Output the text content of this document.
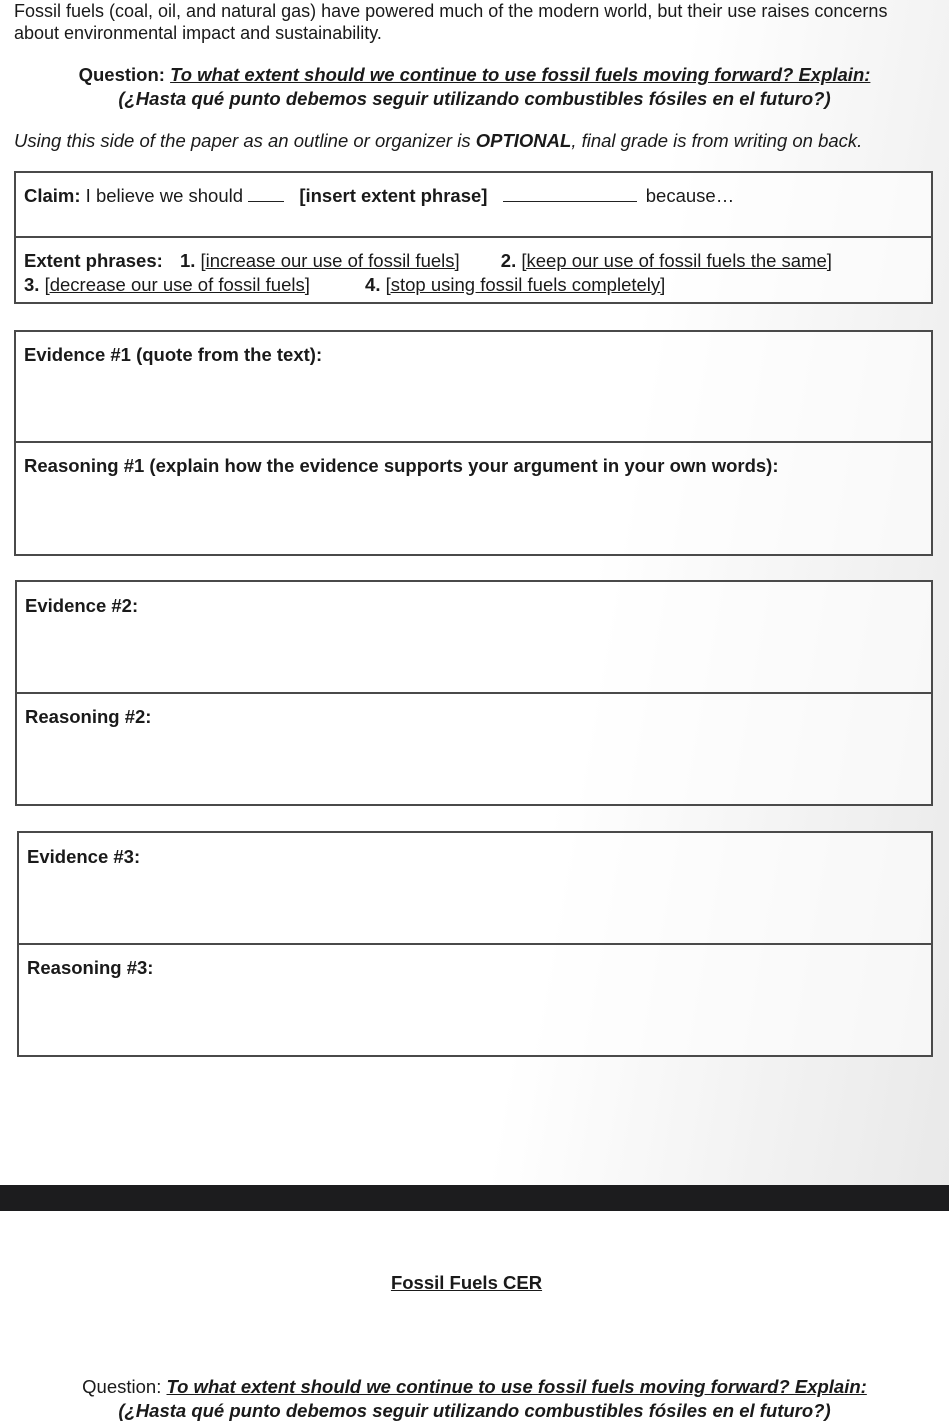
Fossil fuels (coal, oil, and natural gas) have powered much of the modern world, but their use raises concerns about environmental impact and sustainability.
Question: To what extent should we continue to use fossil fuels moving forward? Explain:
(¿Hasta qué punto debemos seguir utilizando combustibles fósiles en el futuro?)
Using this side of the paper as an outline or organizer is OPTIONAL, final grade is from writing on back.
Claim: I believe we should	[insert extent phrase]	because…
Extent phrases: 1. [increase our use of fossil fuels] 2. [keep our use of fossil fuels the same]
3. [decrease our use of fossil fuels]	4. [stop using fossil fuels completely]
Evidence #1 (quote from the text):
Reasoning #1 (explain how the evidence supports your argument in your own words):
Evidence #2:
Reasoning #2:
Evidence #3:
Reasoning #3:
Fossil Fuels CER
Question: To what extent should we continue to use fossil fuels moving forward? Explain:
(¿Hasta qué punto debemos seguir utilizando combustibles fósiles en el futuro?)
